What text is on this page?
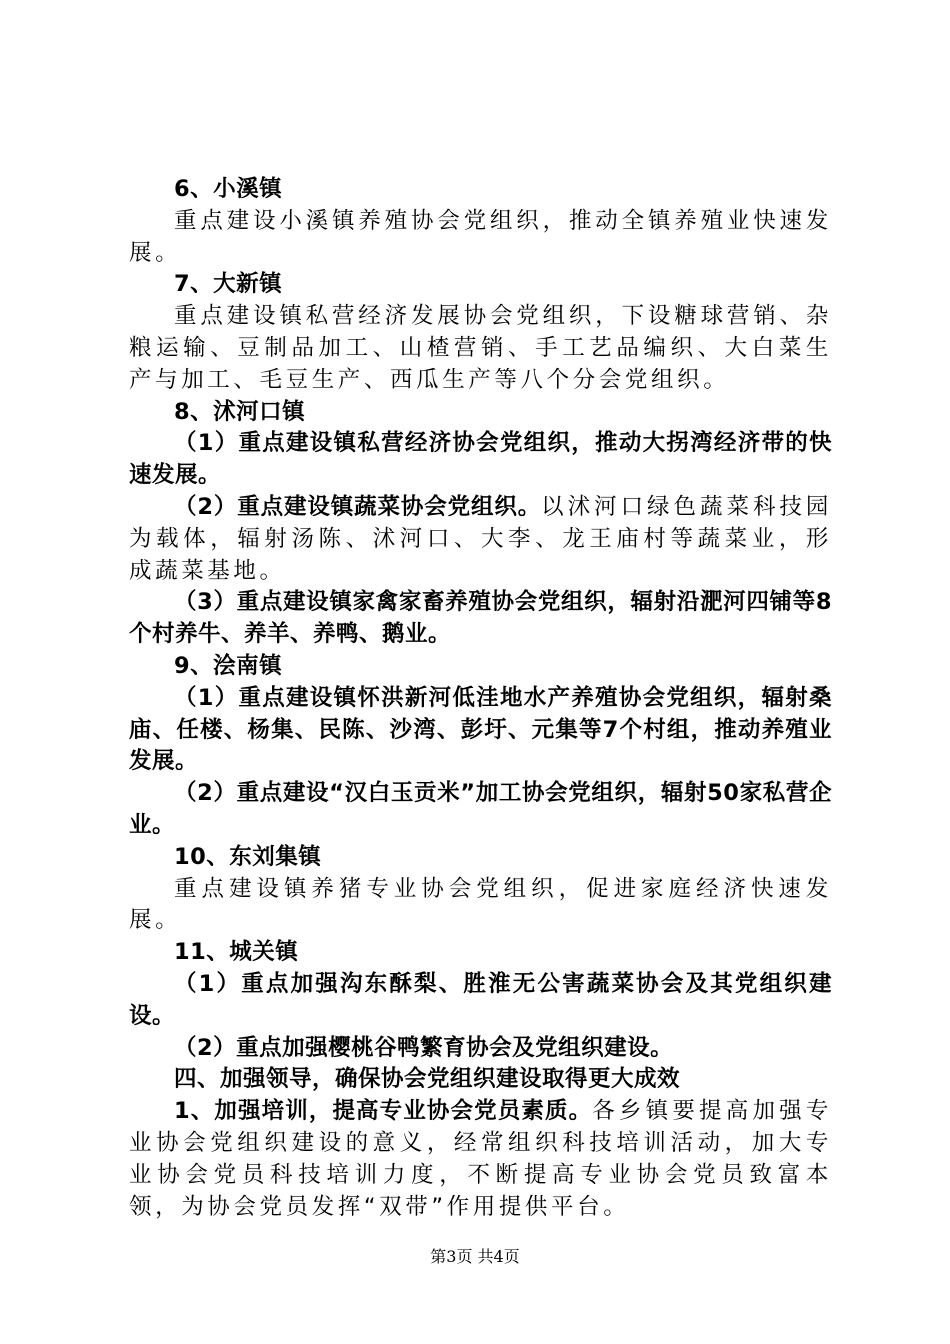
6、小溪镇

重点建设小溪镇养殖协会党组织，推动全镇养殖业快速发展。

7、大新镇

重点建设镇私营经济发展协会党组织，下设糖球营销、杂粮运输、豆制品加工、山楂营销、手工艺品编织、大白菜生产与加工、毛豆生产、西瓜生产等八个分会党组织。

8、沭河口镇

（1）重点建设镇私营经济协会党组织，推动大拐湾经济带的快速发展。

（2）重点建设镇蔬菜协会党组织。以沭河口绿色蔬菜科技园为载体，辐射汤陈、沭河口、大李、龙王庙村等蔬菜业，形成蔬菜基地。

（3）重点建设镇家禽家畜养殖协会党组织，辐射沿淝河四铺等8个村养牛、养羊、养鸭、鹅业。

9、浍南镇

（1）重点建设镇怀洪新河低洼地水产养殖协会党组织，辐射桑庙、任楼、杨集、民陈、沙湾、彭圩、元集等7个村组，推动养殖业发展。

（2）重点建设“汉白玉贡米”加工协会党组织，辐射50家私营企业。

10、东刘集镇

重点建设镇养猪专业协会党组织，促进家庭经济快速发展。

11、城关镇

（1）重点加强沟东酥梨、胜淮无公害蔬菜协会及其党组织建设。

（2）重点加强樱桃谷鸭繁育协会及党组织建设。

四、加强领导，确保协会党组织建设取得更大成效

1、加强培训，提高专业协会党员素质。各乡镇要提高加强专业协会党组织建设的意义，经常组织科技培训活动，加大专业协会党员科技培训力度，不断提高专业协会党员致富本领，为协会党员发挥“双带”作用提供平台。

第3页 共4页
